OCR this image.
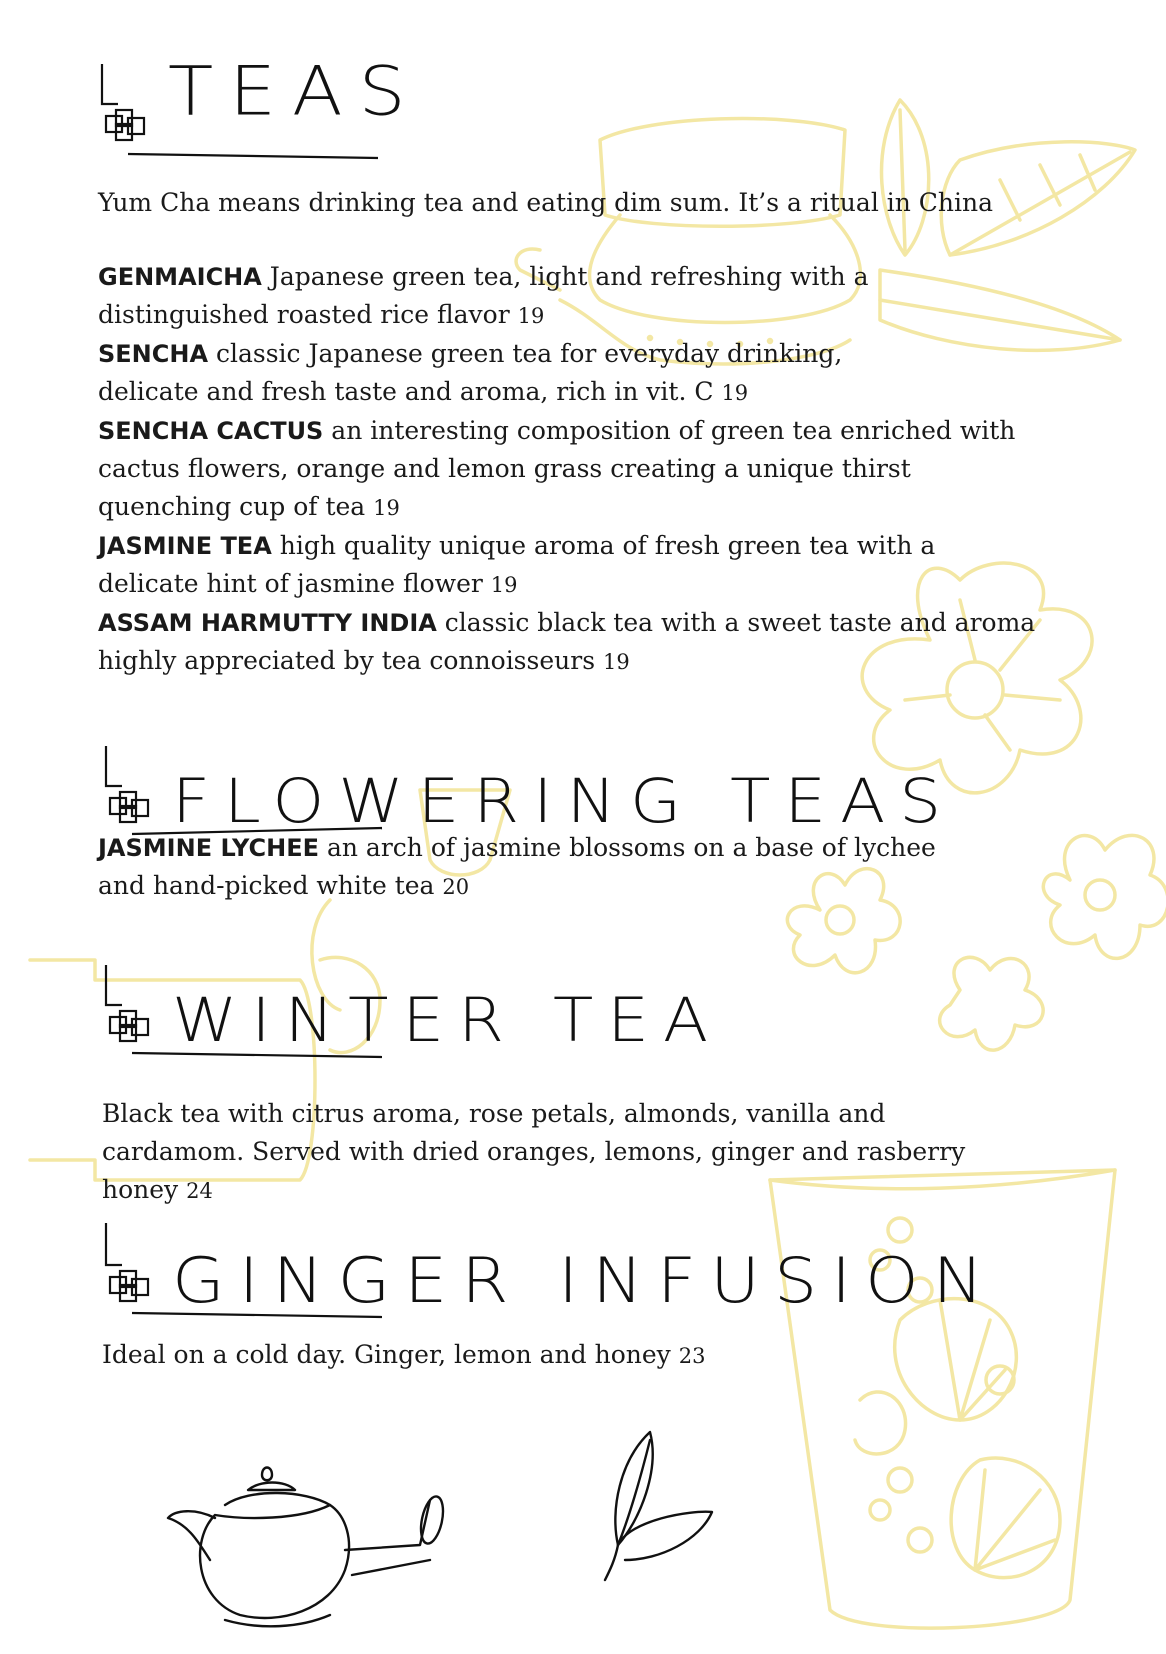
TEAS
Yum Cha means drinking tea and eating dim sum. It’s a ritual in China

GENMAICHA Japanese green tea, light and refreshing with a distinguished roasted rice flavor 19

SENCHA classic Japanese green tea for everyday drinking, delicate and fresh taste and aroma, rich in vit. C 19

SENCHA CACTUS an interesting composition of green tea enriched with cactus flowers, orange and lemon grass creating a unique thirst quenching cup of tea 19

JASMINE TEA high quality unique aroma of fresh green tea with a delicate hint of jasmine flower 19

ASSAM HARMUTTY INDIA classic black tea with a sweet taste and aroma highly appreciated by tea connoisseurs 19

FLOWERING TEAS

JASMINE LYCHEE an arch of jasmine blossoms on a base of lychee and hand-picked white tea 20

WINTER TEA
Black tea with citrus aroma, rose petals, almonds, vanilla and cardamom. Served with dried oranges, lemons, ginger and rasberry honey 24
GINGER INFUSION
Ideal on a cold day. Ginger, lemon and honey 23
